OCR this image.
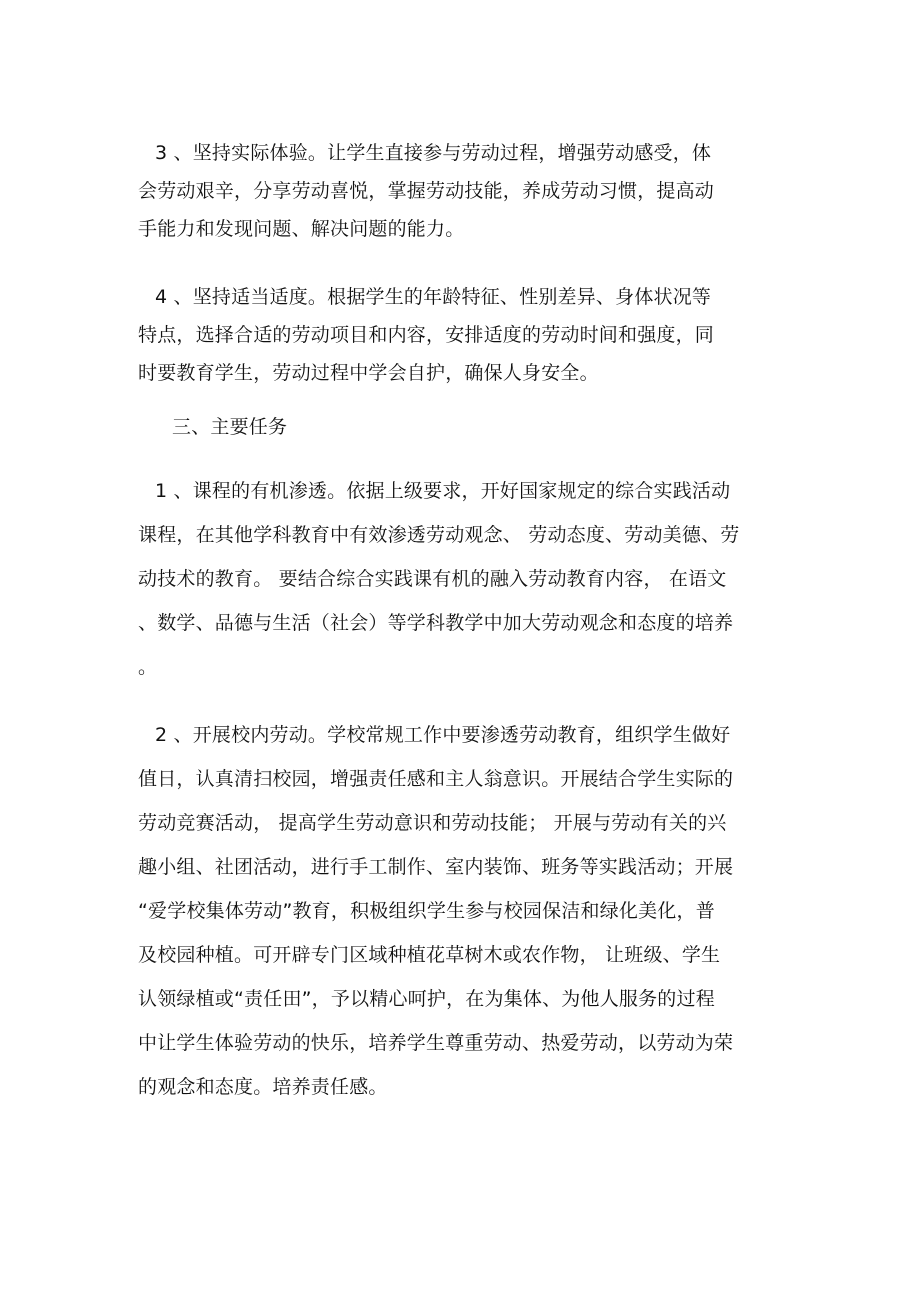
3 、坚持实际体验。让学生直接参与劳动过程，增强劳动感受，体
会劳动艰辛，分享劳动喜悦，掌握劳动技能，养成劳动习惯，提高动
手能力和发现问题、解决问题的能力。
4 、坚持适当适度。根据学生的年龄特征、性别差异、身体状况等
特点，选择合适的劳动项目和内容，安排适度的劳动时间和强度，同
时要教育学生，劳动过程中学会自护，确保人身安全。
三、主要任务
1 、课程的有机渗透。依据上级要求，开好国家规定的综合实践活动
课程，在其他学科教育中有效渗透劳动观念、 劳动态度、劳动美德、劳
动技术的教育。 要结合综合实践课有机的融入劳动教育内容， 在语文
、数学、品德与生活（社会）等学科教学中加大劳动观念和态度的培养
。
2 、开展校内劳动。学校常规工作中要渗透劳动教育，组织学生做好
值日，认真清扫校园，增强责任感和主人翁意识。开展结合学生实际的
劳动竞赛活动， 提高学生劳动意识和劳动技能； 开展与劳动有关的兴
趣小组、社团活动，进行手工制作、室内装饰、班务等实践活动；开展
“爱学校集体劳动”教育，积极组织学生参与校园保洁和绿化美化，普
及校园种植。可开辟专门区域种植花草树木或农作物， 让班级、学生
认领绿植或“责任田”，予以精心呵护，在为集体、为他人服务的过程
中让学生体验劳动的快乐，培养学生尊重劳动、热爱劳动，以劳动为荣
的观念和态度。培养责任感。
